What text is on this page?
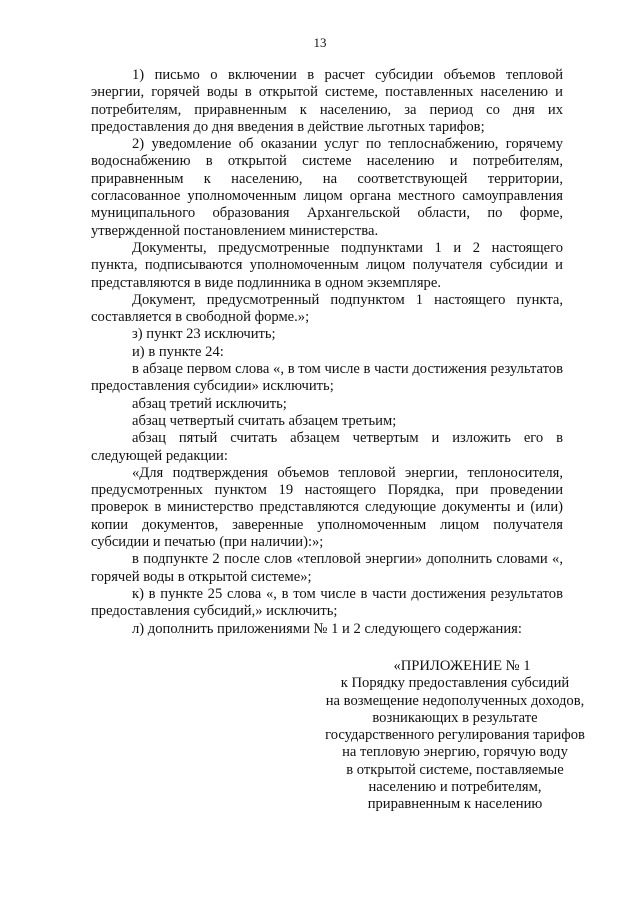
13

1) письмо о включении в расчет субсидии объемов тепловой энергии, горячей воды в открытой системе, поставленных населению и потребителям, приравненным к населению, за период со дня их предоставления до дня введения в действие льготных тарифов;

2) уведомление об оказании услуг по теплоснабжению, горячему водоснабжению в открытой системе населению и потребителям, приравненным к населению, на соответствующей территории, согласованное уполномоченным лицом органа местного самоуправления муниципального образования Архангельской области, по форме, утвержденной постановлением министерства.

Документы, предусмотренные подпунктами 1 и 2 настоящего пункта, подписываются уполномоченным лицом получателя субсидии и представляются в виде подлинника в одном экземпляре.

Документ, предусмотренный подпунктом 1 настоящего пункта, составляется в свободной форме.»;

з) пункт 23 исключить;

и) в пункте 24:

в абзаце первом слова «, в том числе в части достижения результатов предоставления субсидии» исключить;

абзац третий исключить;

абзац четвертый считать абзацем третьим;

абзац пятый считать абзацем четвертым и изложить его в следующей редакции:

«Для подтверждения объемов тепловой энергии, теплоносителя, предусмотренных пунктом 19 настоящего Порядка, при проведении проверок в министерство представляются следующие документы и (или) копии документов, заверенные уполномоченным лицом получателя субсидии и печатью (при наличии):»;

в подпункте 2 после слов «тепловой энергии» дополнить словами «, горячей воды в открытой системе»;

к) в пункте 25 слова «, в том числе в части достижения результатов предоставления субсидий,» исключить;

л) дополнить приложениями № 1 и 2 следующего содержания:

«ПРИЛОЖЕНИЕ № 1
к Порядку предоставления субсидий
на возмещение недополученных доходов,
возникающих в результате
государственного регулирования тарифов
на тепловую энергию, горячую воду
в открытой системе, поставляемые
населению и потребителям,
приравненным к населению
